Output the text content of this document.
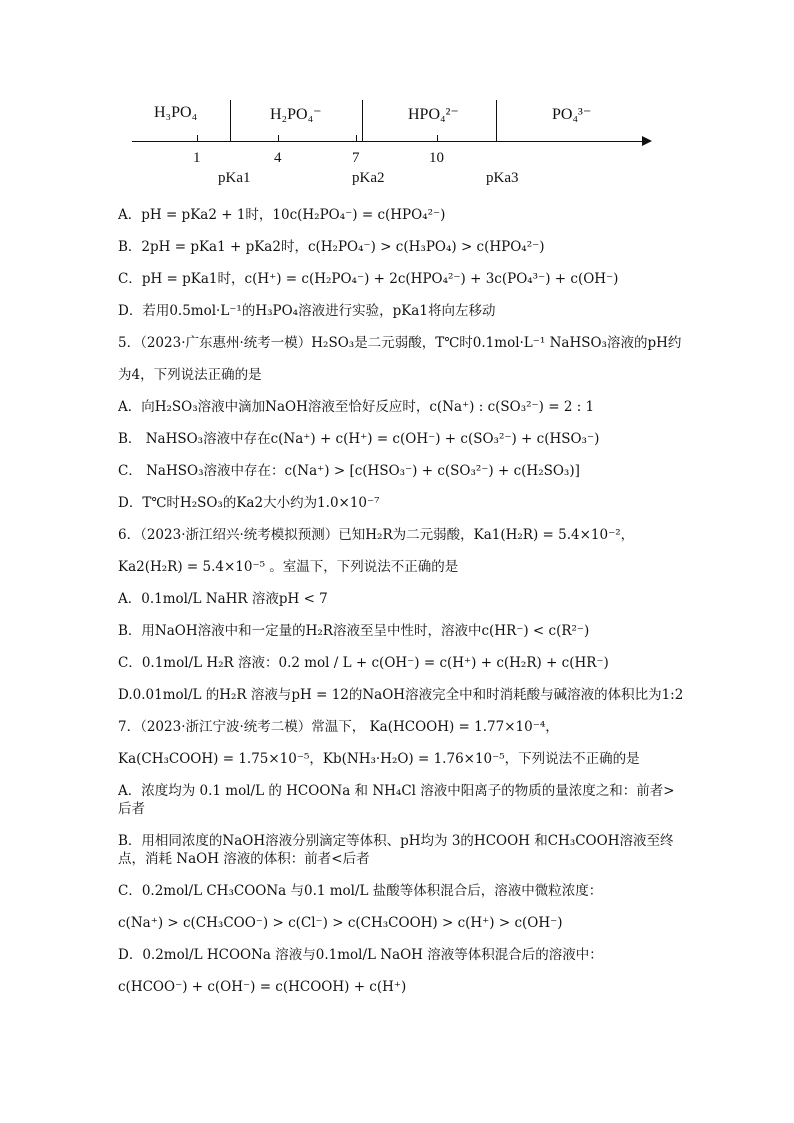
H₃PO₄	H₂PO₄⁻	HPO₄²⁻	PO₄³⁻
1	4	7	10
pKa1	pKa2	pKa3
A．pH = pKa2 + 1时，10c(H₂PO₄⁻) = c(HPO₄²⁻)
B．2pH = pKa1 + pKa2时，c(H₂PO₄⁻) > c(H₃PO₄) > c(HPO₄²⁻)
C．pH = pKa1时，c(H⁺) = c(H₂PO₄⁻) + 2c(HPO₄²⁻) + 3c(PO₄³⁻) + c(OH⁻)
D．若用0.5mol·L⁻¹的H₃PO₄溶液进行实验，pKa1将向左移动
5．（2023·广东惠州·统考一模）H₂SO₃是二元弱酸，T℃时0.1mol·L⁻¹ NaHSO₃溶液的pH约
为4，下列说法正确的是
A．向H₂SO₃溶液中滴加NaOH溶液至恰好反应时，c(Na⁺) : c(SO₃²⁻) = 2 : 1
B． NaHSO₃溶液中存在c(Na⁺) + c(H⁺) = c(OH⁻) + c(SO₃²⁻) + c(HSO₃⁻)
C． NaHSO₃溶液中存在：c(Na⁺) > [c(HSO₃⁻) + c(SO₃²⁻) + c(H₂SO₃)]
D．T℃时H₂SO₃的Ka2大小约为1.0×10⁻⁷
6．（2023·浙江绍兴·统考模拟预测）已知H₂R为二元弱酸，Ka1(H₂R) = 5.4×10⁻²，
Ka2(H₂R) = 5.4×10⁻⁵ 。室温下，下列说法不正确的是
A．0.1mol/L NaHR 溶液pH < 7
B．用NaOH溶液中和一定量的H₂R溶液至呈中性时，溶液中c(HR⁻) < c(R²⁻)
C．0.1mol/L H₂R 溶液：0.2 mol / L + c(OH⁻) = c(H⁺) + c(H₂R) + c(HR⁻)
D.0.01mol/L 的H₂R 溶液与pH = 12的NaOH溶液完全中和时消耗酸与碱溶液的体积比为1:2
7．（2023·浙江宁波·统考二模）常温下， Ka(HCOOH) = 1.77×10⁻⁴，
Ka(CH₃COOH) = 1.75×10⁻⁵，Kb(NH₃·H₂O) = 1.76×10⁻⁵，下列说法不正确的是
A．浓度均为 0.1 mol/L 的 HCOONa 和 NH₄Cl 溶液中阳离子的物质的量浓度之和：前者>后者
B．用相同浓度的NaOH溶液分别滴定等体积、pH均为 3的HCOOH 和CH₃COOH溶液至终点，消耗 NaOH 溶液的体积：前者<后者
C．0.2mol/L CH₃COONa 与0.1 mol/L 盐酸等体积混合后，溶液中微粒浓度：
c(Na⁺) > c(CH₃COO⁻) > c(Cl⁻) > c(CH₃COOH) > c(H⁺) > c(OH⁻)
D．0.2mol/L HCOONa 溶液与0.1mol/L NaOH 溶液等体积混合后的溶液中：
c(HCOO⁻) + c(OH⁻) = c(HCOOH) + c(H⁺)
